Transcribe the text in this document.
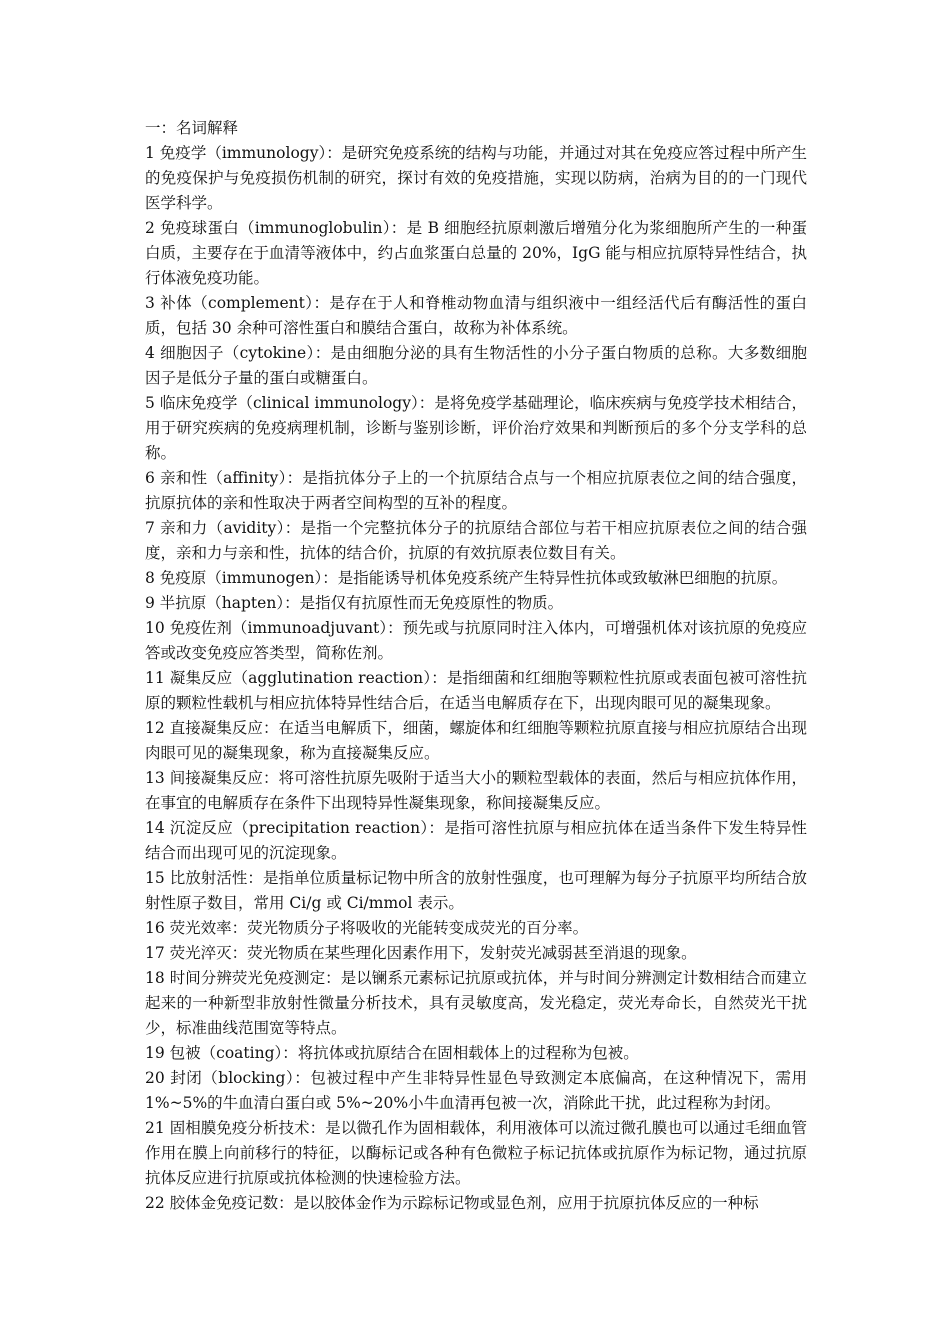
一：名词解释

1 免疫学（immunology）：是研究免疫系统的结构与功能，并通过对其在免疫应答过程中所产生的免疫保护与免疫损伤机制的研究，探讨有效的免疫措施，实现以防病，治病为目的的一门现代医学科学。

2 免疫球蛋白（immunoglobulin）：是 B 细胞经抗原刺激后增殖分化为浆细胞所产生的一种蛋白质，主要存在于血清等液体中，约占血浆蛋白总量的 20%，IgG 能与相应抗原特异性结合，执行体液免疫功能。

3 补体（complement）：是存在于人和脊椎动物血清与组织液中一组经活代后有酶活性的蛋白质，包括 30 余种可溶性蛋白和膜结合蛋白，故称为补体系统。

4 细胞因子（cytokine）：是由细胞分泌的具有生物活性的小分子蛋白物质的总称。大多数细胞因子是低分子量的蛋白或糖蛋白。

5 临床免疫学（clinical immunology）：是将免疫学基础理论，临床疾病与免疫学技术相结合，用于研究疾病的免疫病理机制，诊断与鉴别诊断，评价治疗效果和判断预后的多个分支学科的总称。

6 亲和性（affinity）：是指抗体分子上的一个抗原结合点与一个相应抗原表位之间的结合强度，抗原抗体的亲和性取决于两者空间构型的互补的程度。

7 亲和力（avidity）：是指一个完整抗体分子的抗原结合部位与若干相应抗原表位之间的结合强度，亲和力与亲和性，抗体的结合价，抗原的有效抗原表位数目有关。

8 免疫原（immunogen）：是指能诱导机体免疫系统产生特异性抗体或致敏淋巴细胞的抗原。

9 半抗原（hapten）：是指仅有抗原性而无免疫原性的物质。

10 免疫佐剂（immunoadjuvant）：预先或与抗原同时注入体内，可增强机体对该抗原的免疫应答或改变免疫应答类型，简称佐剂。

11 凝集反应（agglutination reaction）：是指细菌和红细胞等颗粒性抗原或表面包被可溶性抗原的颗粒性载机与相应抗体特异性结合后，在适当电解质存在下，出现肉眼可见的凝集现象。

12 直接凝集反应：在适当电解质下，细菌，螺旋体和红细胞等颗粒抗原直接与相应抗原结合出现肉眼可见的凝集现象，称为直接凝集反应。

13 间接凝集反应：将可溶性抗原先吸附于适当大小的颗粒型载体的表面，然后与相应抗体作用，在事宜的电解质存在条件下出现特异性凝集现象，称间接凝集反应。

14 沉淀反应（precipitation reaction）：是指可溶性抗原与相应抗体在适当条件下发生特异性结合而出现可见的沉淀现象。

15 比放射活性：是指单位质量标记物中所含的放射性强度，也可理解为每分子抗原平均所结合放射性原子数目，常用 Ci/g 或 Ci/mmol 表示。

16 荧光效率：荧光物质分子将吸收的光能转变成荧光的百分率。

17 荧光淬灭：荧光物质在某些理化因素作用下，发射荧光减弱甚至消退的现象。

18 时间分辨荧光免疫测定：是以镧系元素标记抗原或抗体，并与时间分辨测定计数相结合而建立起来的一种新型非放射性微量分析技术，具有灵敏度高，发光稳定，荧光寿命长，自然荧光干扰少，标准曲线范围宽等特点。

19 包被（coating）：将抗体或抗原结合在固相载体上的过程称为包被。

20 封闭（blocking）：包被过程中产生非特异性显色导致测定本底偏高，在这种情况下，需用 1%~5%的牛血清白蛋白或 5%~20%小牛血清再包被一次，消除此干扰，此过程称为封闭。

21 固相膜免疫分析技术：是以微孔作为固相载体，利用液体可以流过微孔膜也可以通过毛细血管作用在膜上向前移行的特征，以酶标记或各种有色微粒子标记抗体或抗原作为标记物，通过抗原抗体反应进行抗原或抗体检测的快速检验方法。

22 胶体金免疫记数：是以胶体金作为示踪标记物或显色剂，应用于抗原抗体反应的一种标
